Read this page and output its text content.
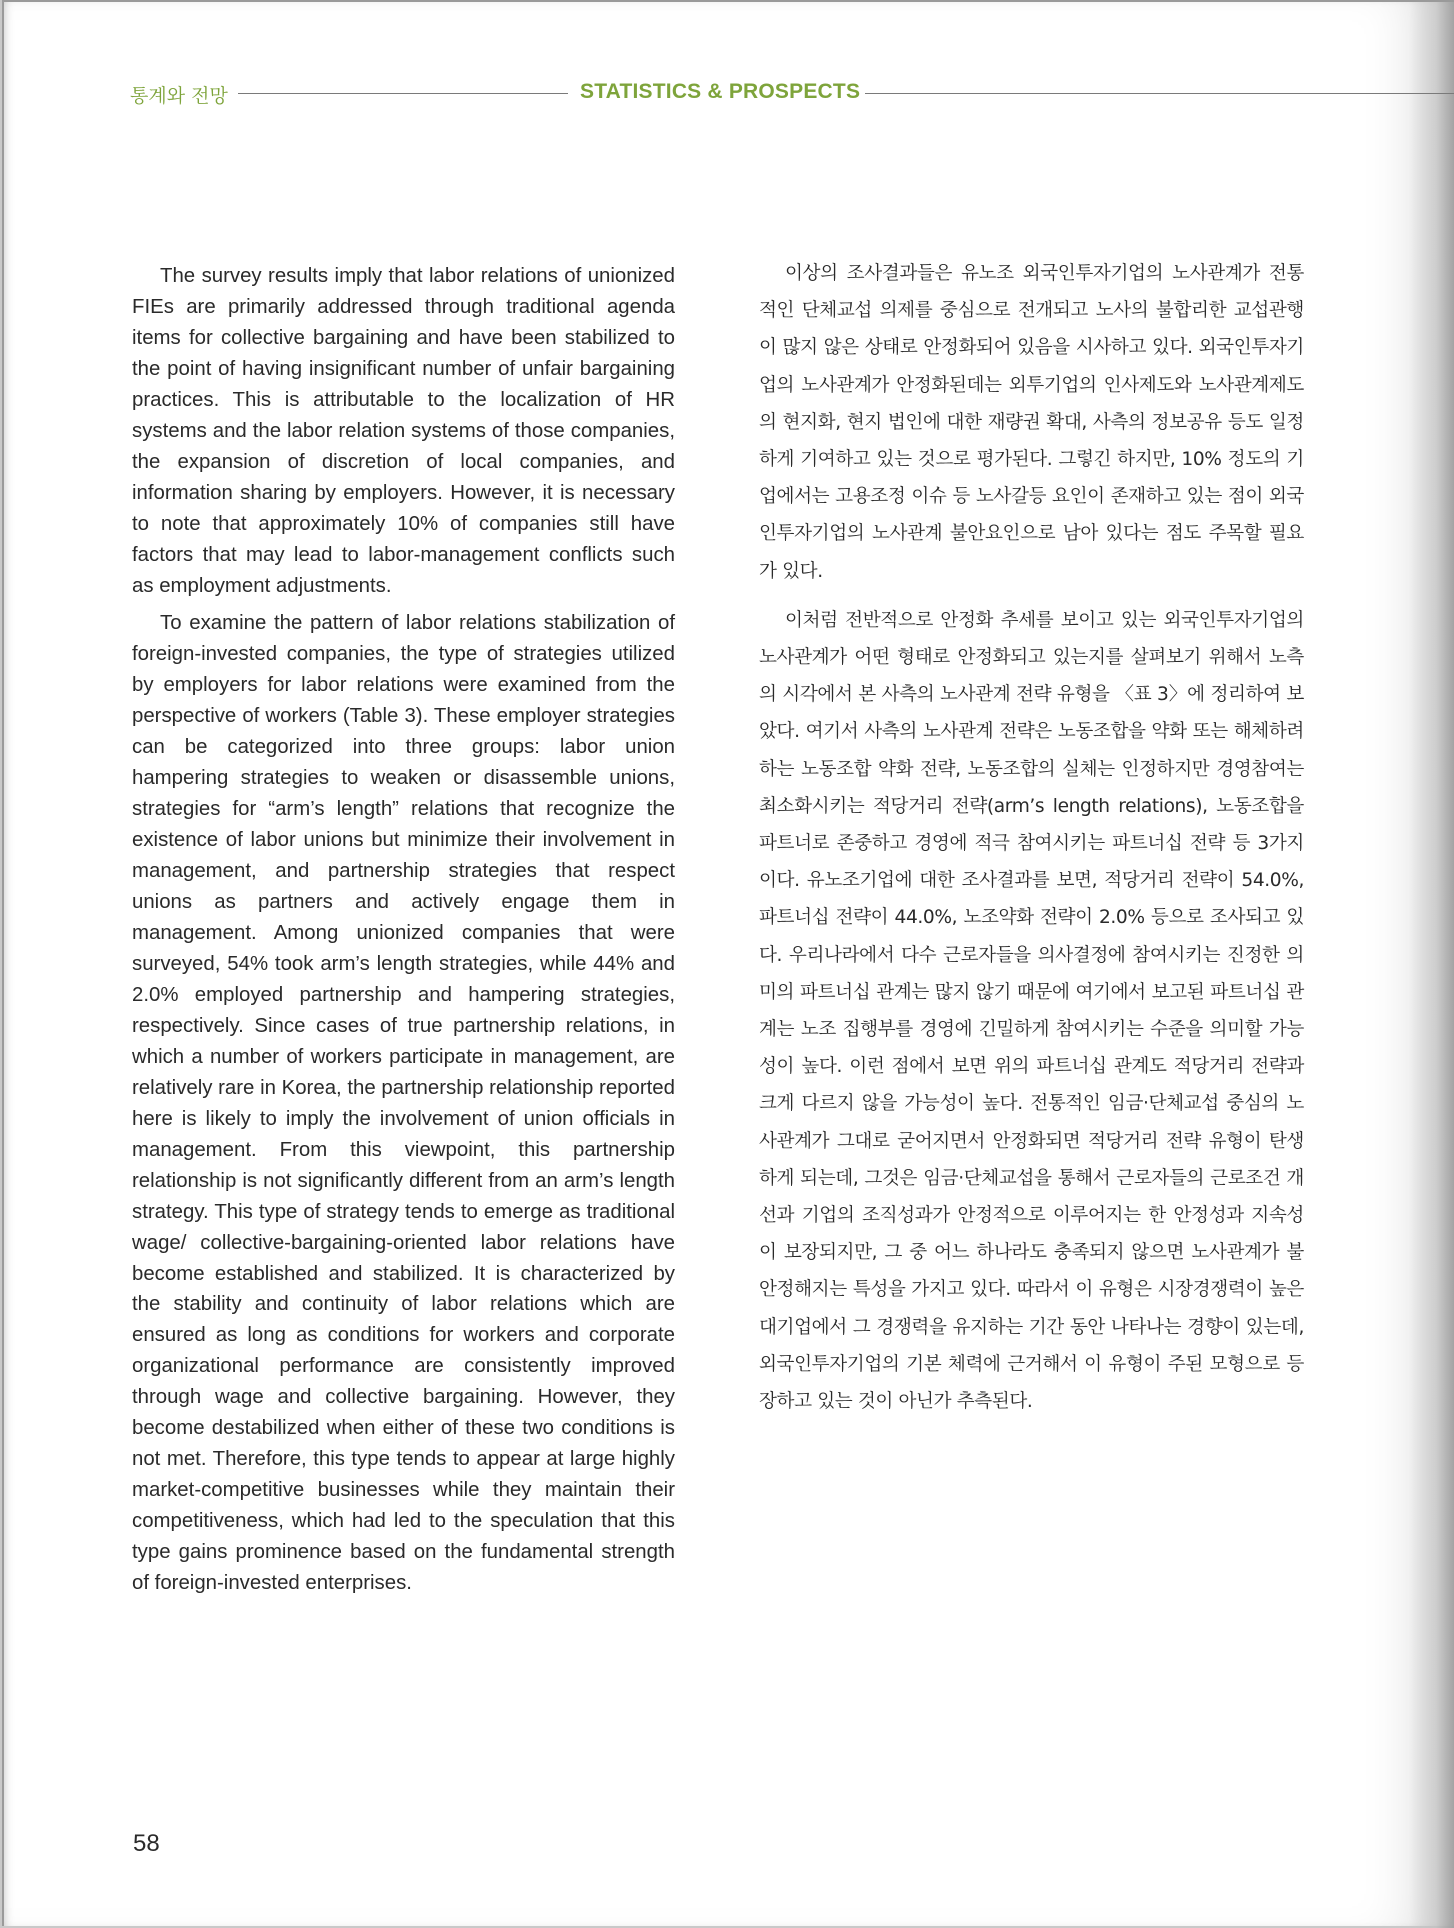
통계와 전망	STATISTICS & PROSPECTS

The survey results imply that labor relations of unionized FIEs are primarily addressed through traditional agenda items for collective bargaining and have been stabilized to the point of having insignificant number of unfair bargaining practices. This is attributable to the localization of HR systems and the labor relation systems of those companies, the expansion of discretion of local companies, and information sharing by employers. However, it is necessary to note that approximately 10% of companies still have factors that may lead to labor-management conflicts such as employment adjustments.

To examine the pattern of labor relations stabilization of foreign-invested companies, the type of strategies utilized by employers for labor relations were examined from the perspective of workers (Table 3). These employer strategies can be categorized into three groups: labor union hampering strategies to weaken or disassemble unions, strategies for “arm’s length” relations that recognize the existence of labor unions but minimize their involvement in management, and partnership strategies that respect unions as partners and actively engage them in management. Among unionized companies that were surveyed, 54% took arm’s length strategies, while 44% and 2.0% employed partnership and hampering strategies, respectively. Since cases of true partnership relations, in which a number of workers participate in management, are relatively rare in Korea, the partnership relationship reported here is likely to imply the involvement of union officials in management. From this viewpoint, this partnership relationship is not significantly different from an arm’s length strategy. This type of strategy tends to emerge as traditional wage/ collective-bargaining-oriented labor relations have become established and stabilized. It is characterized by the stability and continuity of labor relations which are ensured as long as conditions for workers and corporate organizational performance are consistently improved through wage and collective bargaining. However, they become destabilized when either of these two conditions is not met. Therefore, this type tends to appear at large highly market-competitive businesses while they maintain their competitiveness, which had led to the speculation that this type gains prominence based on the fundamental strength of foreign-invested enterprises.

이상의 조사결과들은 유노조 외국인투자기업의 노사관계가 전통적인 단체교섭 의제를 중심으로 전개되고 노사의 불합리한 교섭관행이 많지 않은 상태로 안정화되어 있음을 시사하고 있다. 외국인투자기업의 노사관계가 안정화된데는 외투기업의 인사제도와 노사관계제도의 현지화, 현지 법인에 대한 재량권 확대, 사측의 정보공유 등도 일정하게 기여하고 있는 것으로 평가된다. 그렇긴 하지만, 10% 정도의 기업에서는 고용조정 이슈 등 노사갈등 요인이 존재하고 있는 점이 외국인투자기업의 노사관계 불안요인으로 남아 있다는 점도 주목할 필요가 있다.

이처럼 전반적으로 안정화 추세를 보이고 있는 외국인투자기업의 노사관계가 어떤 형태로 안정화되고 있는지를 살펴보기 위해서 노측의 시각에서 본 사측의 노사관계 전략 유형을 〈표 3〉에 정리하여 보았다. 여기서 사측의 노사관계 전략은 노동조합을 약화 또는 해체하려 하는 노동조합 약화 전략, 노동조합의 실체는 인정하지만 경영참여는 최소화시키는 적당거리 전략(arm’s length relations), 노동조합을 파트너로 존중하고 경영에 적극 참여시키는 파트너십 전략 등 3가지이다. 유노조기업에 대한 조사결과를 보면, 적당거리 전략이 54.0%, 파트너십 전략이 44.0%, 노조약화 전략이 2.0% 등으로 조사되고 있다. 우리나라에서 다수 근로자들을 의사결정에 참여시키는 진정한 의미의 파트너십 관계는 많지 않기 때문에 여기에서 보고된 파트너십 관계는 노조 집행부를 경영에 긴밀하게 참여시키는 수준을 의미할 가능성이 높다. 이런 점에서 보면 위의 파트너십 관계도 적당거리 전략과 크게 다르지 않을 가능성이 높다. 전통적인 임금·단체교섭 중심의 노사관계가 그대로 굳어지면서 안정화되면 적당거리 전략 유형이 탄생하게 되는데, 그것은 임금·단체교섭을 통해서 근로자들의 근로조건 개선과 기업의 조직성과가 안정적으로 이루어지는 한 안정성과 지속성이 보장되지만, 그 중 어느 하나라도 충족되지 않으면 노사관계가 불안정해지는 특성을 가지고 있다. 따라서 이 유형은 시장경쟁력이 높은 대기업에서 그 경쟁력을 유지하는 기간 동안 나타나는 경향이 있는데, 외국인투자기업의 기본 체력에 근거해서 이 유형이 주된 모형으로 등장하고 있는 것이 아닌가 추측된다.

58
